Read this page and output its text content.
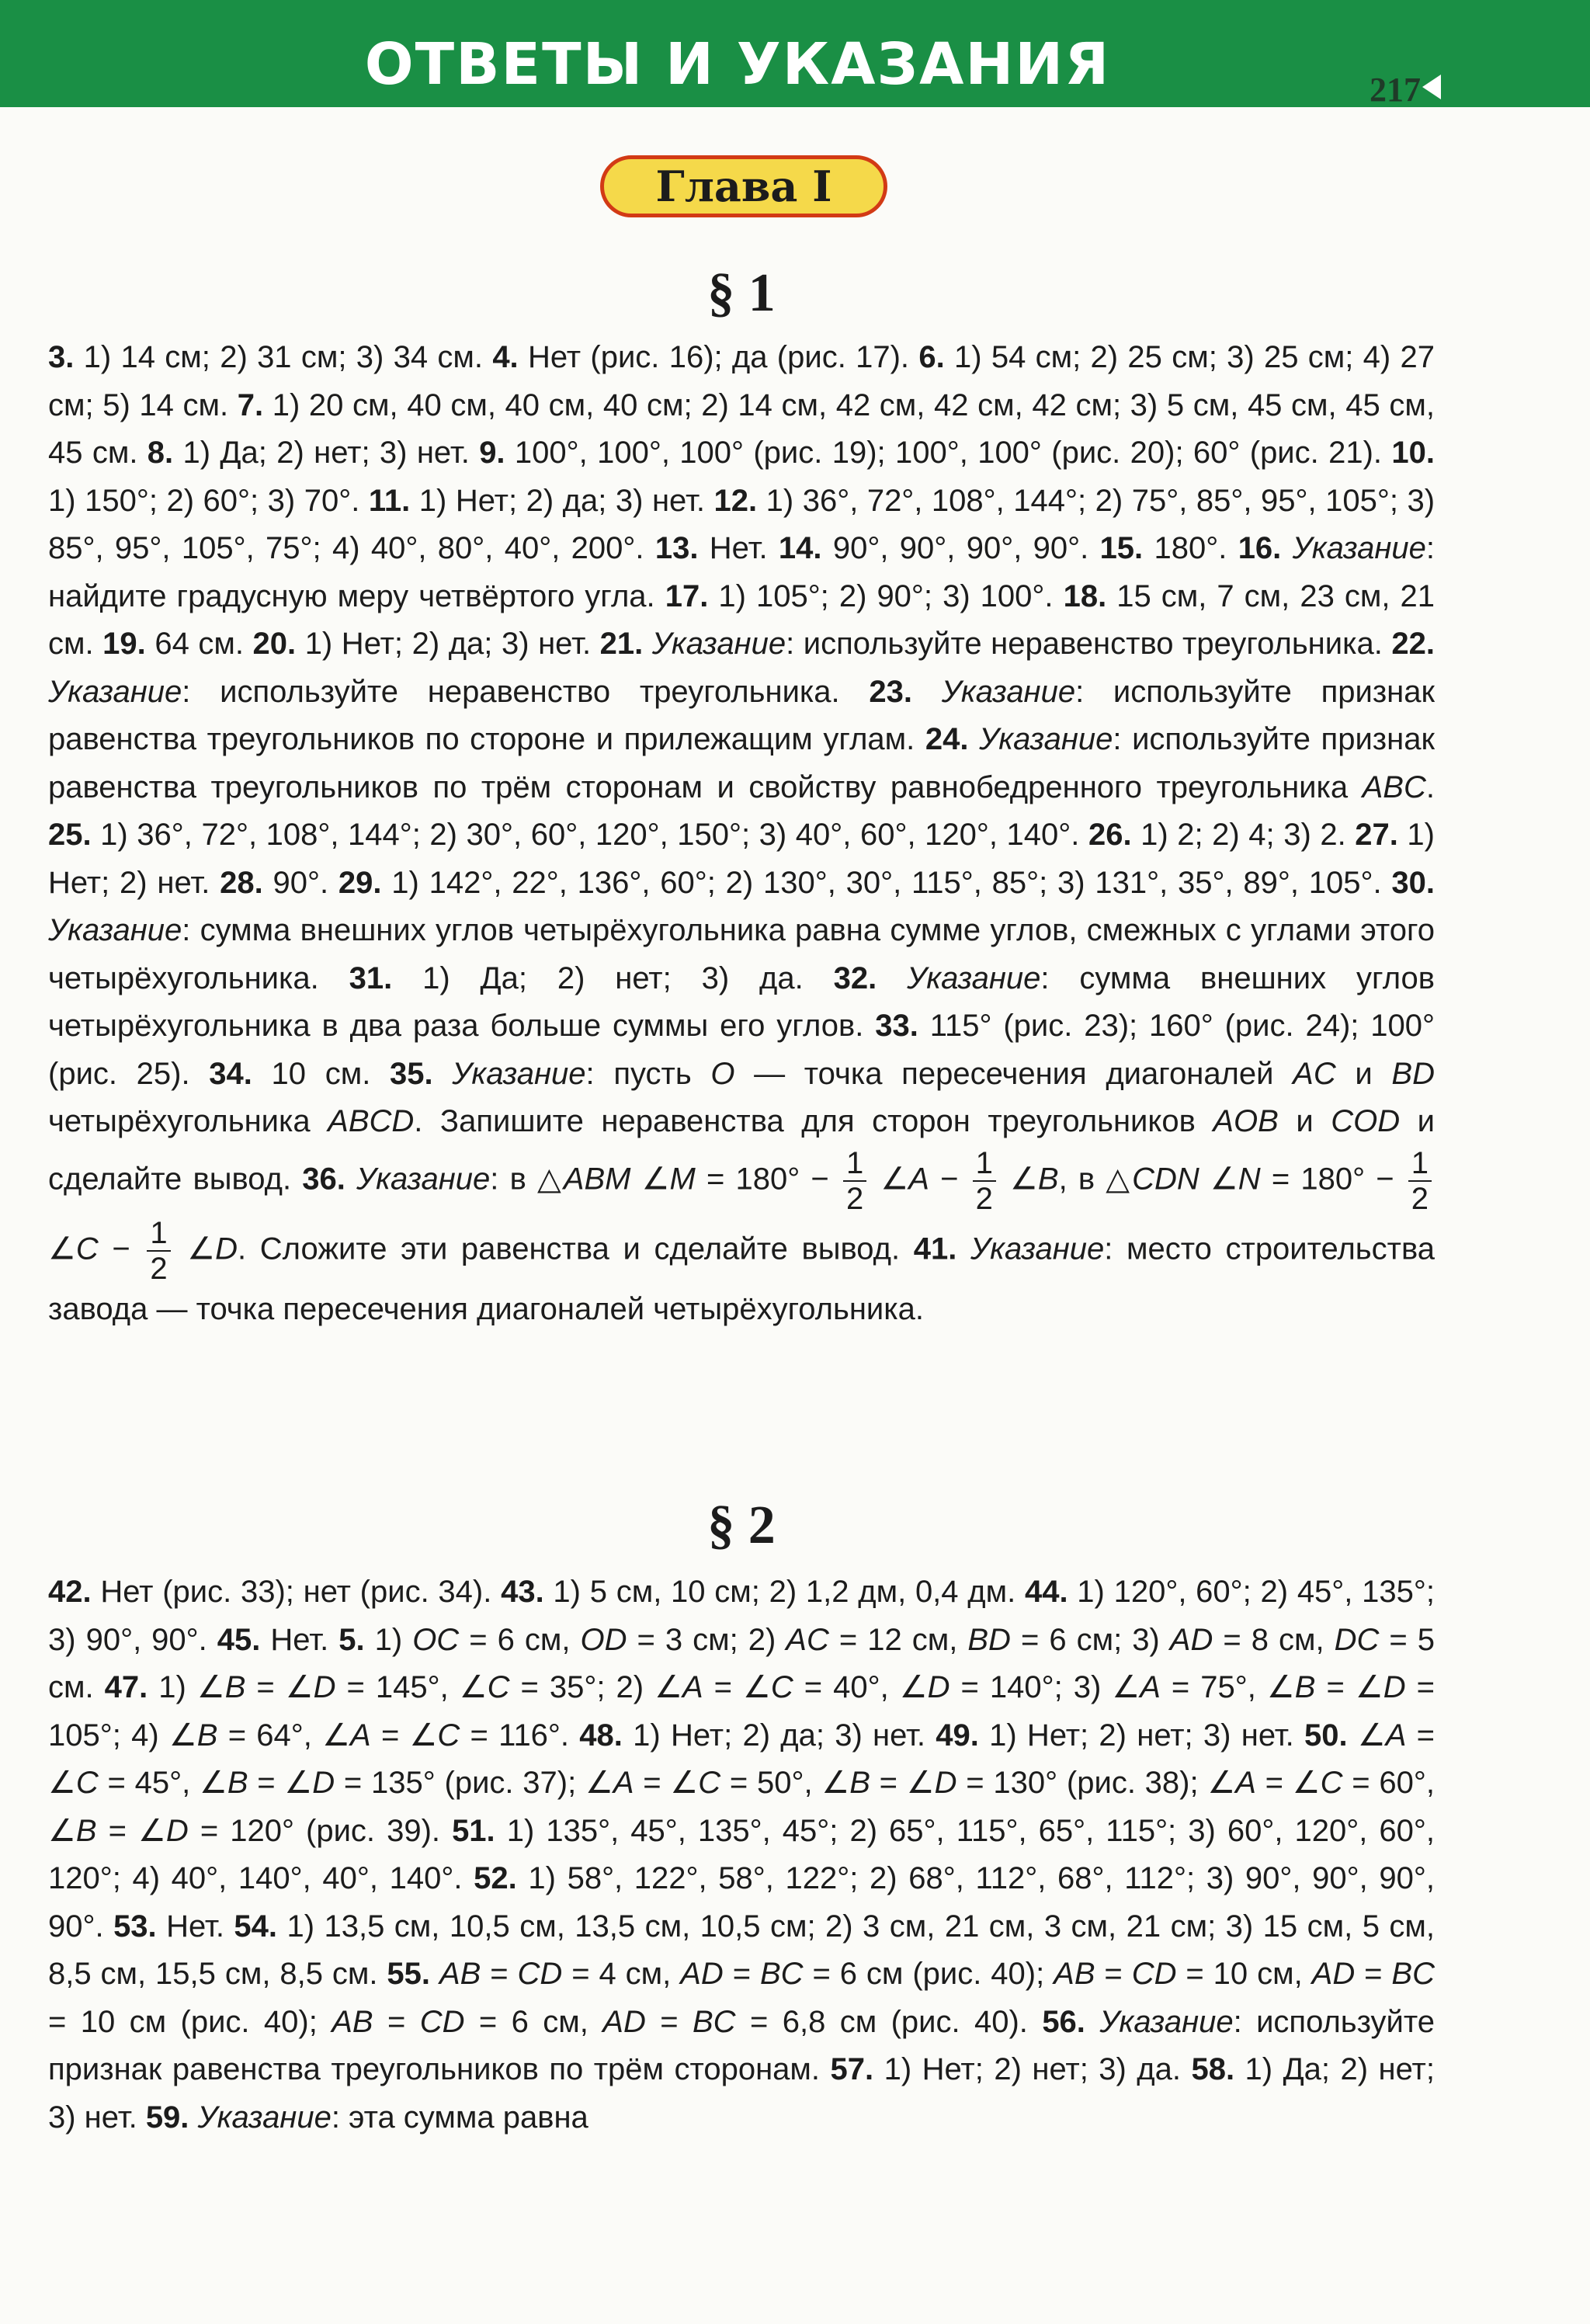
ОТВЕТЫ И УКАЗАНИЯ	217
Глава I
§ 1
3. 1) 14 см; 2) 31 см; 3) 34 см. 4. Нет (рис. 16); да (рис. 17). 6. 1) 54 см; 2) 25 см; 3) 25 см; 4) 27 см; 5) 14 см. 7. 1) 20 см, 40 см, 40 см, 40 см; 2) 14 см, 42 см, 42 см, 42 см; 3) 5 см, 45 см, 45 см, 45 см. 8. 1) Да; 2) нет; 3) нет. 9. 100°, 100°, 100° (рис. 19); 100°, 100° (рис. 20); 60° (рис. 21). 10. 1) 150°; 2) 60°; 3) 70°. 11. 1) Нет; 2) да; 3) нет. 12. 1) 36°, 72°, 108°, 144°; 2) 75°, 85°, 95°, 105°; 3) 85°, 95°, 105°, 75°; 4) 40°, 80°, 40°, 200°. 13. Нет. 14. 90°, 90°, 90°, 90°. 15. 180°. 16. Указание: найдите градусную меру четвёртого угла. 17. 1) 105°; 2) 90°; 3) 100°. 18. 15 см, 7 см, 23 см, 21 см. 19. 64 см. 20. 1) Нет; 2) да; 3) нет. 21. Указание: используйте неравенство треугольника. 22. Указание: используйте неравенство треугольника. 23. Указание: используйте признак равенства треугольников по стороне и прилежащим углам. 24. Указание: используйте признак равенства треугольников по трём сторонам и свойству равнобедренного треугольника ABC. 25. 1) 36°, 72°, 108°, 144°; 2) 30°, 60°, 120°, 150°; 3) 40°, 60°, 120°, 140°. 26. 1) 2; 2) 4; 3) 2. 27. 1) Нет; 2) нет. 28. 90°. 29. 1) 142°, 22°, 136°, 60°; 2) 130°, 30°, 115°, 85°; 3) 131°, 35°, 89°, 105°. 30. Указание: сумма внешних углов четырёхугольника равна сумме углов, смежных с углами этого четырёхугольника. 31. 1) Да; 2) нет; 3) да. 32. Указание: сумма внешних углов четырёхугольника в два раза больше суммы его углов. 33. 115° (рис. 23); 160° (рис. 24); 100° (рис. 25). 34. 10 см. 35. Указание: пусть O — точка пересечения диагоналей AC и BD четырёхугольника ABCD. Запишите неравенства для сторон треугольников AOB и COD и сделайте вывод. 36. Указание: в △ABM ∠M = $180^\circ - \frac{1}{2}$ ∠A − $\frac{1}{2}$ ∠B, в △CDN ∠N = $180^\circ - \frac{1}{2}$
∠C − $\frac{1}{2}$ ∠D. Сложите эти равенства и сделайте вывод. 41. Указание: место строительства завода — точка пересечения диагоналей четырёхугольника.
§ 2
42. Нет (рис. 33); нет (рис. 34). 43. 1) 5 см, 10 см; 2) 1,2 дм, 0,4 дм. 44. 1) 120°, 60°; 2) 45°, 135°; 3) 90°, 90°. 45. Нет. 5. 1) OC = 6 см, OD = 3 см; 2) AC = 12 см, BD = 6 см; 3) AD = 8 см, DC = 5 см. 47. 1) ∠B = ∠D = 145°, ∠C = 35°; 2) ∠A = ∠C = 40°, ∠D = 140°; 3) ∠A = 75°, ∠B = ∠D = 105°; 4) ∠B = 64°, ∠A = ∠C = 116°. 48. 1) Нет; 2) да; 3) нет. 49. 1) Нет; 2) нет; 3) нет. 50. ∠A = ∠C = 45°, ∠B = ∠D = 135° (рис. 37); ∠A = ∠C = 50°, ∠B = ∠D = 130° (рис. 38); ∠A = ∠C = 60°, ∠B = ∠D = 120° (рис. 39). 51. 1) 135°, 45°, 135°, 45°; 2) 65°, 115°, 65°, 115°; 3) 60°, 120°, 60°, 120°; 4) 40°, 140°, 40°, 140°. 52. 1) 58°, 122°, 58°, 122°; 2) 68°, 112°, 68°, 112°; 3) 90°, 90°, 90°, 90°. 53. Нет. 54. 1) 13,5 см, 10,5 см, 13,5 см, 10,5 см; 2) 3 см, 21 см, 3 см, 21 см; 3) 15 см, 5 см, 8,5 см, 15,5 см, 8,5 см. 55. AB = CD = 4 см, AD = BC = 6 см (рис. 40); AB = CD = 10 см, AD = BC = 10 см (рис. 40); AB = CD = 6 см, AD = BC = 6,8 см (рис. 40). 56. Указание: используйте признак равенства треугольников по трём сторонам. 57. 1) Нет; 2) нет; 3) да. 58. 1) Да; 2) нет; 3) нет. 59. Указание: эта сумма равна
